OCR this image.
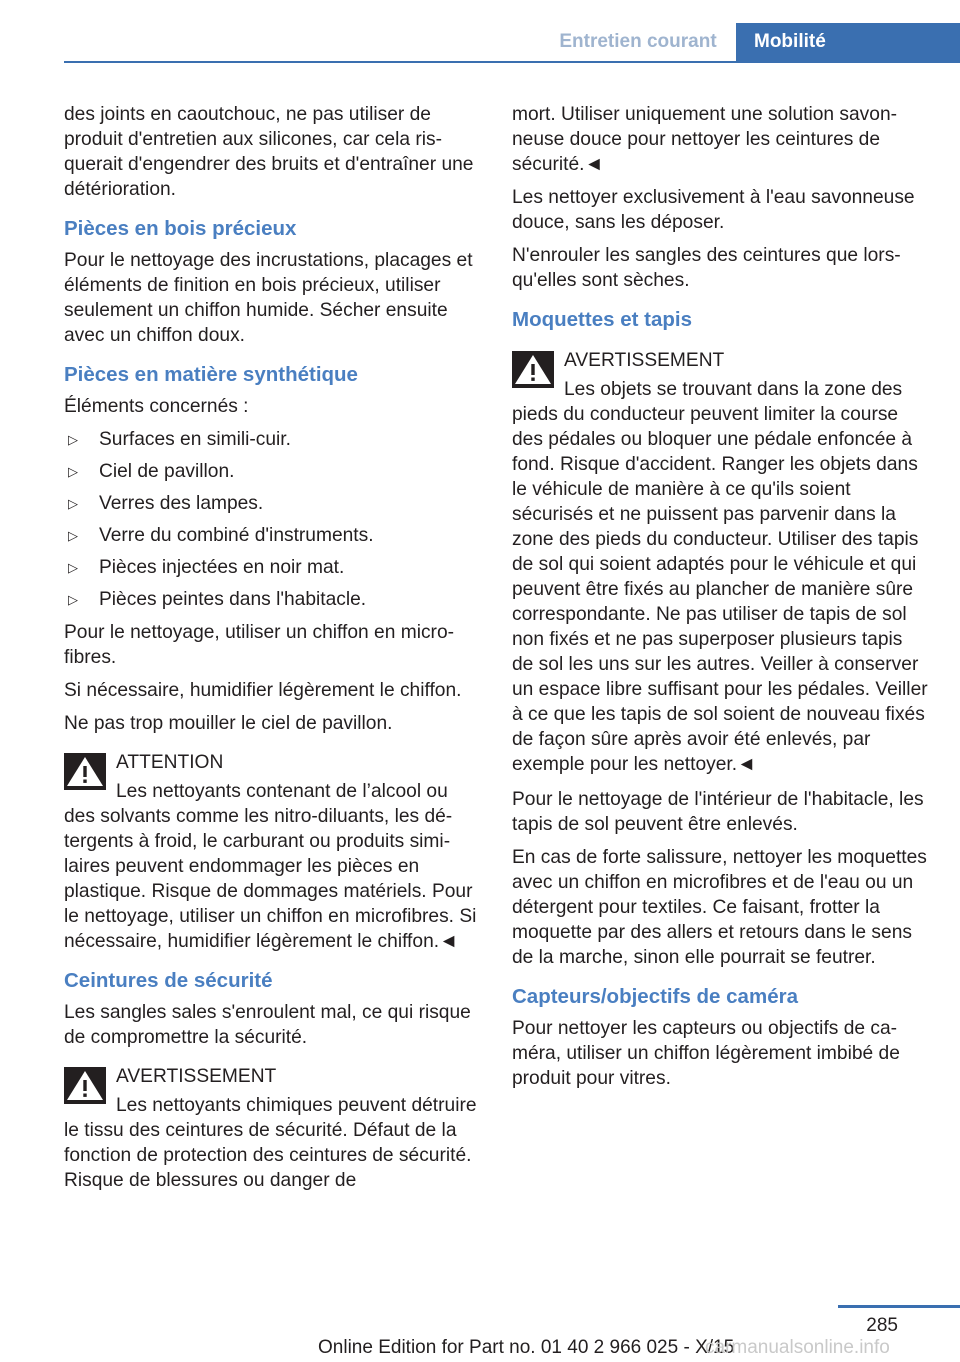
Entretien courant	Mobilité

des joints en caoutchouc, ne pas utiliser de produit d'entretien aux silicones, car cela risquerait d'engendrer des bruits et d'entraîner une détérioration.

Pièces en bois précieux

Pour le nettoyage des incrustations, placages et éléments de finition en bois précieux, utiliser seulement un chiffon humide. Sécher ensuite avec un chiffon doux.

Pièces en matière synthétique

Éléments concernés :

▷ Surfaces en simili-cuir.
▷ Ciel de pavillon.
▷ Verres des lampes.
▷ Verre du combiné d'instruments.
▷ Pièces injectées en noir mat.
▷ Pièces peintes dans l'habitacle.

Pour le nettoyage, utiliser un chiffon en microfibres.

Si nécessaire, humidifier légèrement le chiffon.

Ne pas trop mouiller le ciel de pavillon.

ATTENTION
Les nettoyants contenant de l’alcool ou des solvants comme les nitro-diluants, les détergents à froid, le carburant ou produits similaires peuvent endommager les pièces en plastique. Risque de dommages matériels. Pour le nettoyage, utiliser un chiffon en microfibres. Si nécessaire, humidifier légèrement le chiffon.◄
Ceintures de sécurité

Les sangles sales s'enroulent mal, ce qui risque de compromettre la sécurité.

AVERTISSEMENT
Les nettoyants chimiques peuvent détruire le tissu des ceintures de sécurité. Défaut de la fonction de protection des ceintures de sécurité. Risque de blessures ou danger de

mort. Utiliser uniquement une solution savonneuse douce pour nettoyer les ceintures de sécurité.◄

Les nettoyer exclusivement à l'eau savonneuse douce, sans les déposer.

N'enrouler les sangles des ceintures que lorsqu'elles sont sèches.

Moquettes et tapis
AVERTISSEMENT
Les objets se trouvant dans la zone des pieds du conducteur peuvent limiter la course des pédales ou bloquer une pédale enfoncée à fond. Risque d'accident. Ranger les objets dans le véhicule de manière à ce qu'ils soient sécurisés et ne puissent pas parvenir dans la zone des pieds du conducteur. Utiliser des tapis de sol qui soient adaptés pour le véhicule et qui peuvent être fixés au plancher de manière sûre correspondante. Ne pas utiliser de tapis de sol non fixés et ne pas superposer plusieurs tapis de sol les uns sur les autres. Veiller à conserver un espace libre suffisant pour les pédales. Veiller à ce que les tapis de sol soient de nouveau fixés de façon sûre après avoir été enlevés, par exemple pour les nettoyer.◄

Pour le nettoyage de l'intérieur de l'habitacle, les tapis de sol peuvent être enlevés.

En cas de forte salissure, nettoyer les moquettes avec un chiffon en microfibres et de l'eau ou un détergent pour textiles. Ce faisant, frotter la moquette par des allers et retours dans le sens de la marche, sinon elle pourrait se feutrer.

Capteurs/objectifs de caméra

Pour nettoyer les capteurs ou objectifs de caméra, utiliser un chiffon légèrement imbibé de produit pour vitres.

285
Online Edition for Part no. 01 40 2 966 025 - X/15
carmanualsonline.info
